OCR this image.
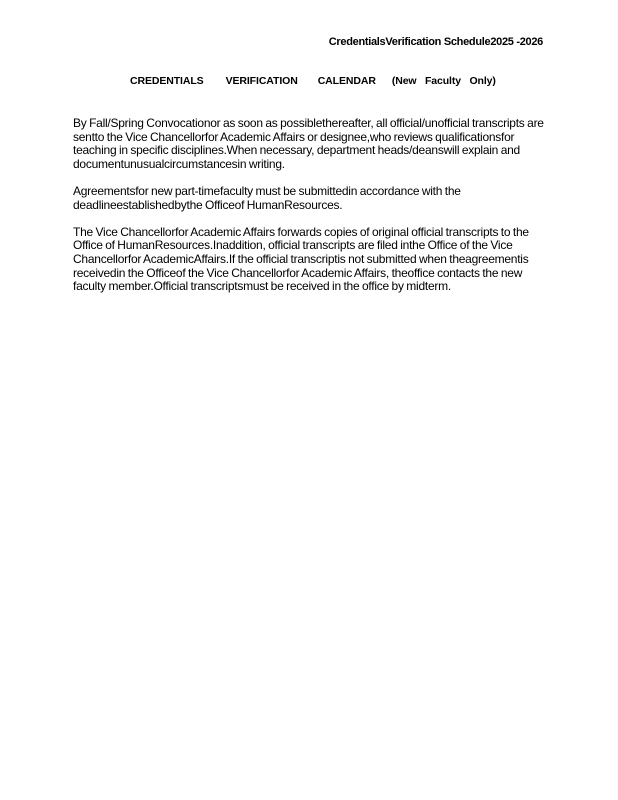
CredentialsVerification Schedule2025 -2026
CREDENTIALS VERIFICATION CALENDAR (New   Faculty   Only)

By Fall/Spring Convocationor as soon as possiblethereafter, all official/unofficial transcripts are sentto the Vice Chancellorfor Academic Affairs or designee,who reviews qualificationsfor teaching in specific disciplines.When necessary, department heads/deanswill explain and documentunusualcircumstancesin writing.

Agreementsfor new part-timefaculty must be submittedin accordance with the deadlineestablishedbythe Officeof HumanResources.

The Vice Chancellorfor Academic Affairs forwards copies of original official transcripts to the Office of HumanResources.Inaddition, official transcripts are filed inthe Office of the Vice Chancellorfor AcademicAffairs.If the official transcriptis not submitted when theagreementis receivedin the Officeof the Vice Chancellorfor Academic Affairs, theoffice contacts the new faculty member.Official transcriptsmust be received in the office by midterm.
